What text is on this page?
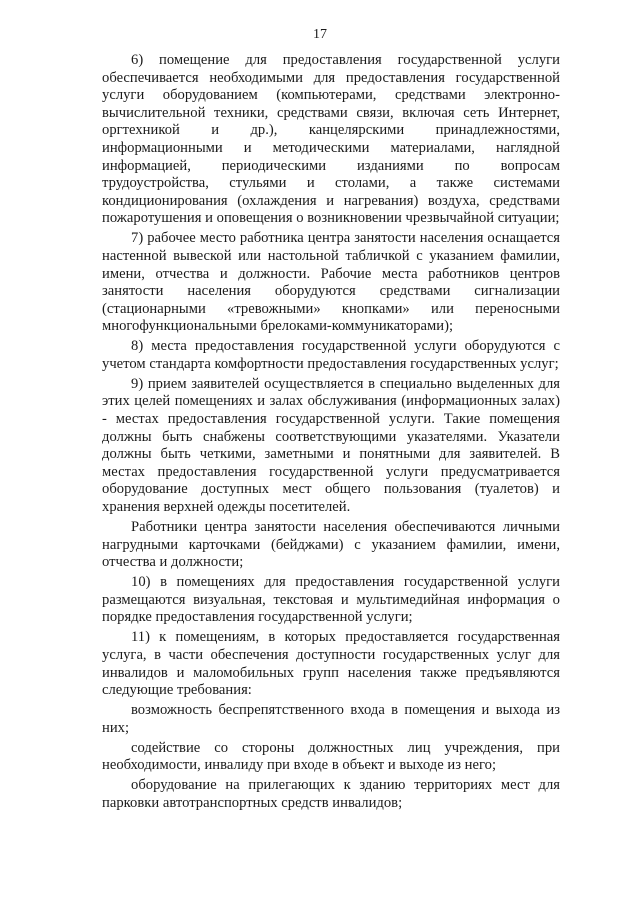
17

6) помещение для предоставления государственной услуги обеспечивается необходимыми для предоставления государственной услуги оборудованием (компьютерами, средствами электронно-вычислительной техники, средствами связи, включая сеть Интернет, оргтехникой и др.), канцелярскими принадлежностями, информационными и методическими материалами, наглядной информацией, периодическими изданиями по вопросам трудоустройства, стульями и столами, а также системами кондиционирования (охлаждения и нагревания) воздуха, средствами пожаротушения и оповещения о возникновении чрезвычайной ситуации;

7) рабочее место работника центра занятости населения оснащается настенной вывеской или настольной табличкой с указанием фамилии, имени, отчества и должности. Рабочие места работников центров занятости населения оборудуются средствами сигнализации (стационарными «тревожными» кнопками» или переносными многофункциональными брелоками-коммуникаторами);

8) места предоставления государственной услуги оборудуются с учетом стандарта комфортности предоставления государственных услуг;

9) прием заявителей осуществляется в специально выделенных для этих целей помещениях и залах обслуживания (информационных залах) - местах предоставления государственной услуги. Такие помещения должны быть снабжены соответствующими указателями. Указатели должны быть четкими, заметными и понятными для заявителей. В местах предоставления государственной услуги предусматривается оборудование доступных мест общего пользования (туалетов) и хранения верхней одежды посетителей.

Работники центра занятости населения обеспечиваются личными нагрудными карточками (бейджами) с указанием фамилии, имени, отчества и должности;

10) в помещениях для предоставления государственной услуги размещаются визуальная, текстовая и мультимедийная информация о порядке предоставления государственной услуги;

11) к помещениям, в которых предоставляется государственная услуга, в части обеспечения доступности государственных услуг для инвалидов и маломобильных групп населения также предъявляются следующие требования:

возможность беспрепятственного входа в помещения и выхода из них;

содействие со стороны должностных лиц учреждения, при необходимости, инвалиду при входе в объект и выходе из него;

оборудование на прилегающих к зданию территориях мест для парковки автотранспортных средств инвалидов;
